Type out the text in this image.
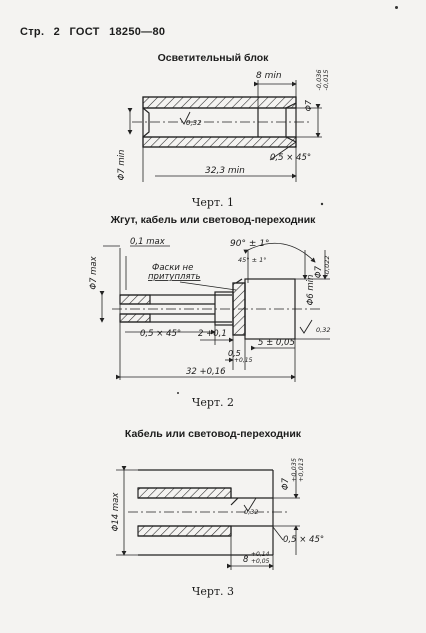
Стр. 2 ГОСТ 18250—80
Осветительный блок
Черт. 1
Жгут, кабель или световод-переходник
Черт. 2
Кабель или световод-переходник
Черт. 3
8 min
Φ7
-0,036 -0,015
0,32
Φ7 min	0,5 × 45°
32,3 min
90° ± 1°
0,1 max
Φ7 max	Фаски не
притуплять
45° ± 1°
Φ6 min
Φ7 -0,022
0,5 × 45° 2 +0,1
5 ± 0,05
0,5
+0,15
0,32
32 +0,16
Φ14 max
Φ7
+0,035 +0,013
0,32
8
+0,14
+0,05
0,5 × 45°
